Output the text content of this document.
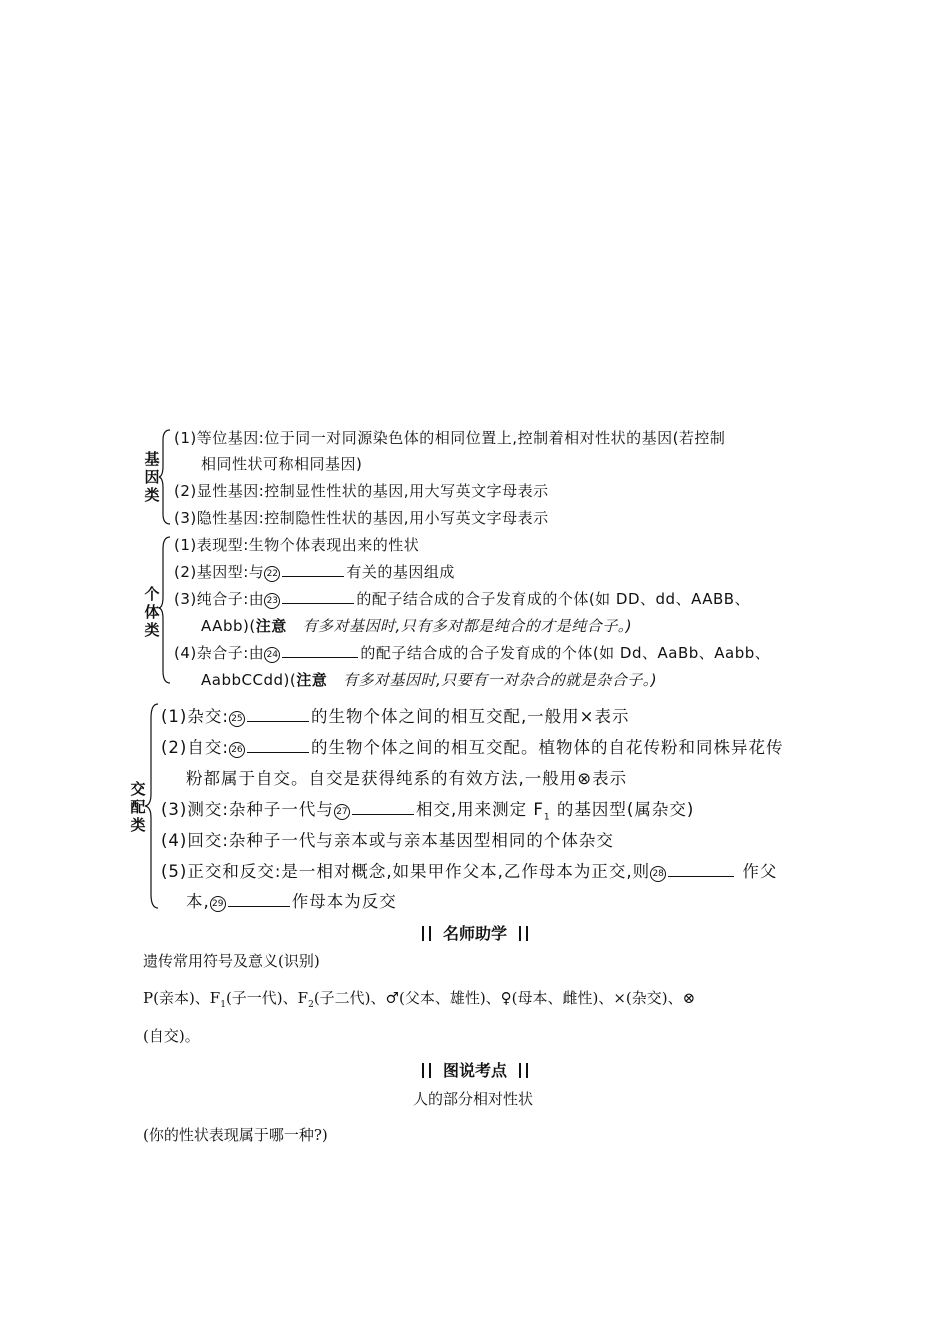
基因类
(1)等位基因:位于同一对同源染色体的相同位置上,控制着相对性状的基因(若控制
相同性状可称相同基因)
(2)显性基因:控制显性性状的基因,用大写英文字母表示
(3)隐性基因:控制隐性性状的基因,用小写英文字母表示
个体类
(1)表现型:生物个体表现出来的性状
(2)基因型:与 22	有关的基因组成
(3)纯合子:由 23	的配子结合成的合子发育成的个体(如 DD、dd、AABB、
AAbb)(注意 有多对基因时,只有多对都是纯合的才是纯合子。)
(4)杂合子:由 24	的配子结合成的合子发育成的个体(如 Dd、AaBb、Aabb、
AabbCCdd)(注意 有多对基因时,只要有一对杂合的就是杂合子。)
交配类
(1)杂交: 25	的生物个体之间的相互交配,一般用×表示
(2)自交: 26	的生物个体之间的相互交配。植物体的自花传粉和同株异花传
粉都属于自交。自交是获得纯系的有效方法,一般用⊗表示
(3)测交:杂种子一代与 27	相交,用来测定 $F_1$ 的基因型(属杂交)
(4)回交:杂种子一代与亲本或与亲本基因型相同的个体杂交
(5)正交和反交:是一相对概念,如果甲作父本,乙作母本为正交,则 28	作父
本, 29	作母本为反交
名师助学
遗传常用符号及意义(识别)
P(亲本)、$F_1$(子一代)、$F_2$(子二代)、♂(父本、雄性)、♀(母本、雌性)、×(杂交)、⊗
(自交)。
图说考点
人的部分相对性状
(你的性状表现属于哪一种?)
